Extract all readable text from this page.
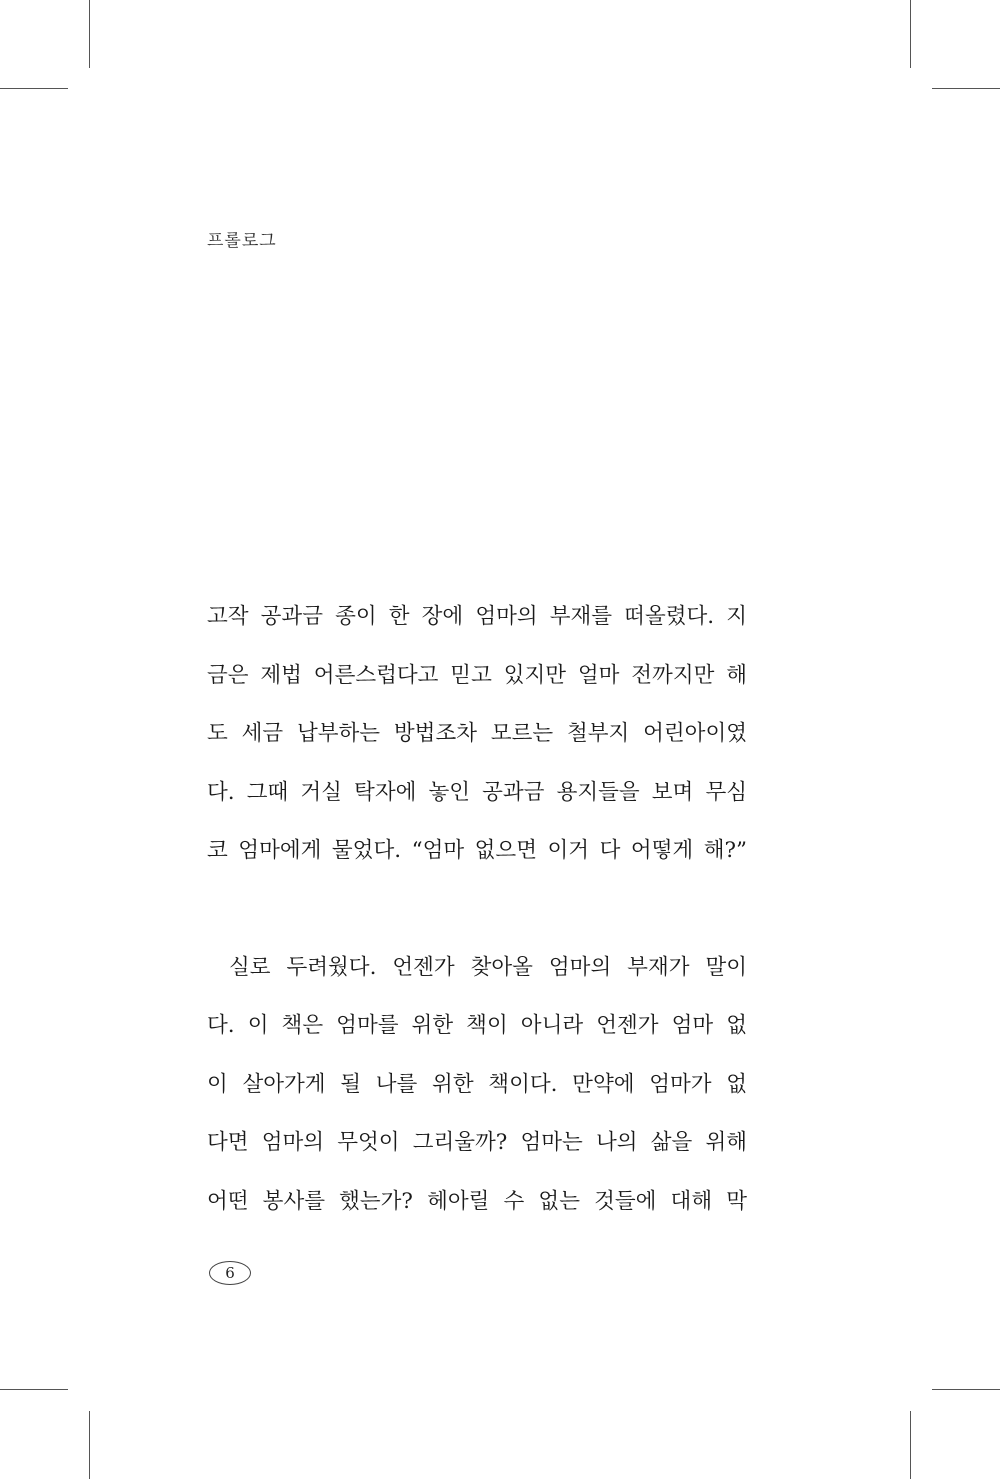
프롤로그
고작 공과금 종이 한 장에 엄마의 부재를 떠올렸다. 지
금은 제법 어른스럽다고 믿고 있지만 얼마 전까지만 해
도 세금 납부하는 방법조차 모르는 철부지 어린아이였
다. 그때 거실 탁자에 놓인 공과금 용지들을 보며 무심
코 엄마에게 물었다. “엄마 없으면 이거 다 어떻게 해?”
실로 두려웠다. 언젠가 찾아올 엄마의 부재가 말이
다. 이 책은 엄마를 위한 책이 아니라 언젠가 엄마 없
이 살아가게 될 나를 위한 책이다. 만약에 엄마가 없
다면 엄마의 무엇이 그리울까? 엄마는 나의 삶을 위해
어떤 봉사를 했는가? 헤아릴 수 없는 것들에 대해 막
6
